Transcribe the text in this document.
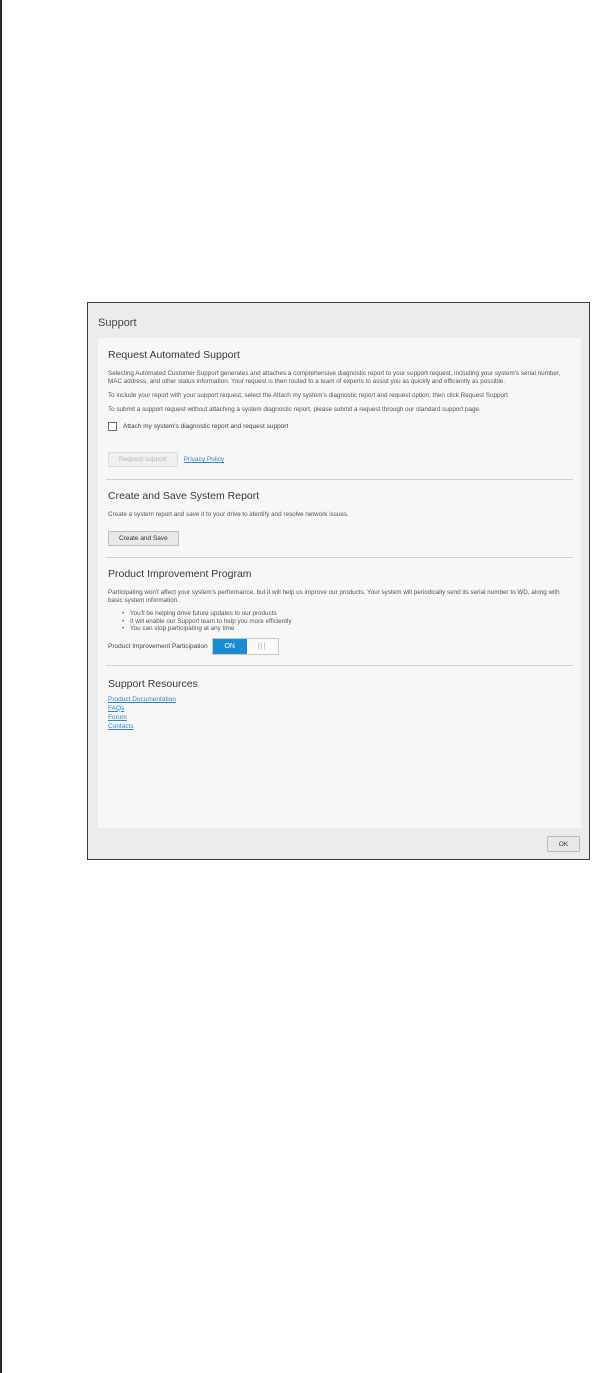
Support
Request Automated Support

Selecting Automated Customer Support generates and attaches a comprehensive diagnostic report to your support request, including your system's serial number, MAC address, and other status information. Your request is then routed to a team of experts to assist you as quickly and efficiently as possible.

To include your report with your support request, select the Attach my system's diagnostic report and request option; then click Request Support.

To submit a support request without attaching a system diagnostic report, please submit a request through our standard support page.

Attach my system's diagnostic report and request support
Request support	Privacy Policy
Create and Save System Report

Create a system report and save it to your drive to identify and resolve network issues.

Create and Save
Product Improvement Program

Participating won't affect your system's performance, but it will help us improve our products. Your system will periodically send its serial number to WD, along with basic system information.

• You'll be helping drive future updates to our products
• It will enable our Support team to help you more efficiently
• You can stop participating at any time
Product Improvement Participation	ON	|||
Support Resources
Product Documentation
FAQs
Forum
Contacts
OK
